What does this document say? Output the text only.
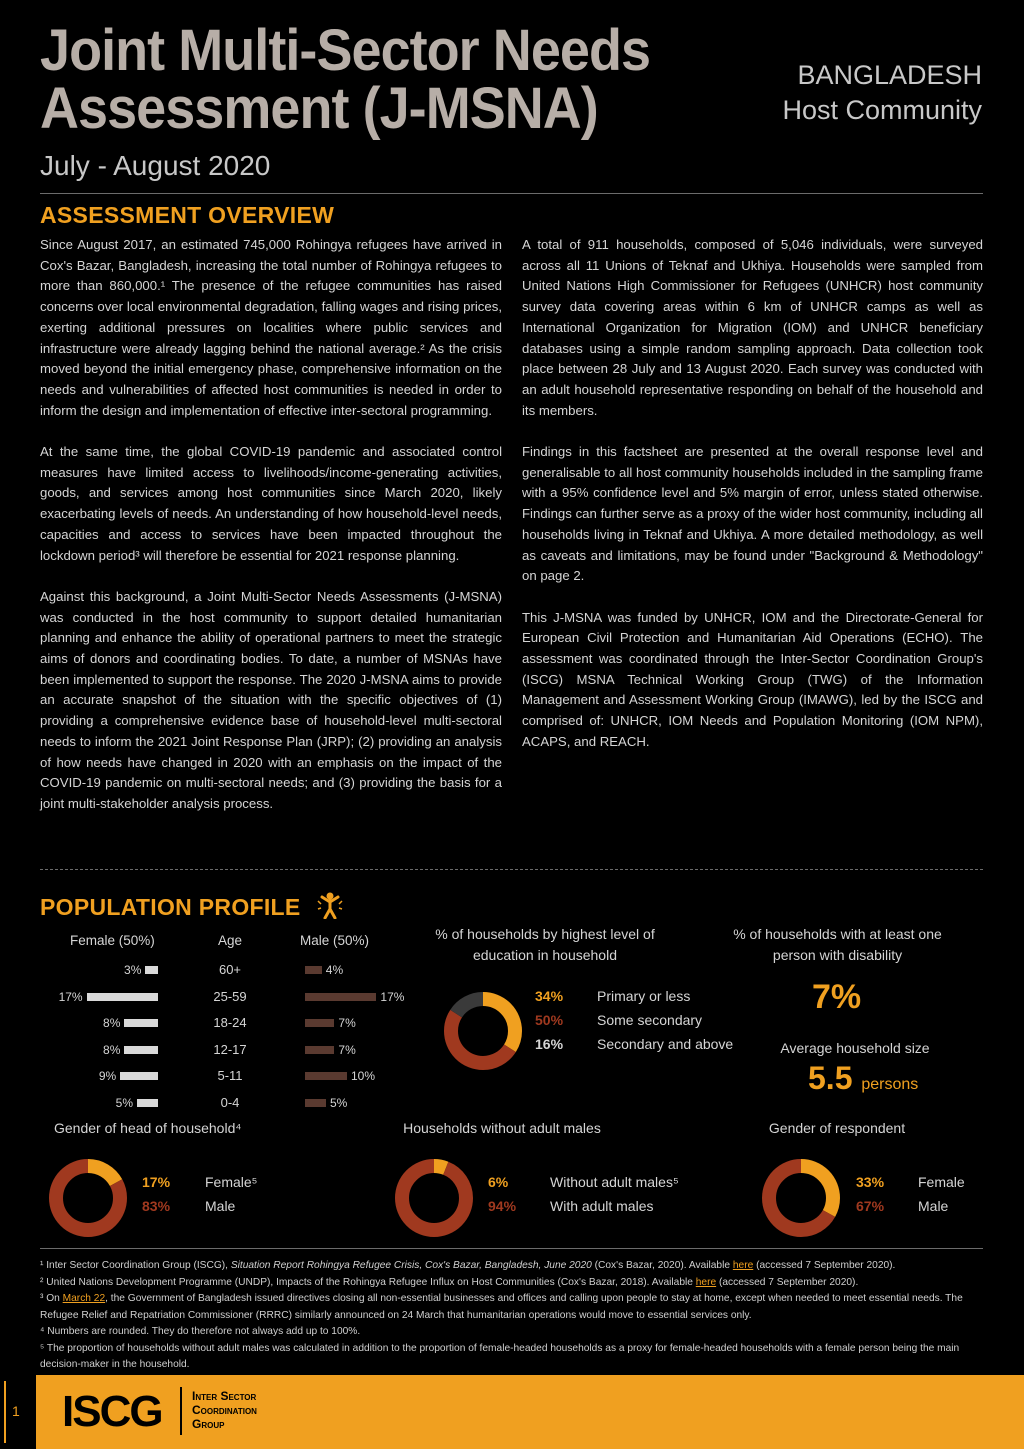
Joint Multi-Sector Needs
Assessment (J-MSNA)
July - August 2020
BANGLADESH
Host Community
ASSESSMENT OVERVIEW

Since August 2017, an estimated 745,000 Rohingya refugees have arrived in Cox's Bazar, Bangladesh, increasing the total number of Rohingya refugees to more than 860,000.¹ The presence of the refugee communities has raised concerns over local environmental degradation, falling wages and rising prices, exerting additional pressures on localities where public services and infrastructure were already lagging behind the national average.² As the crisis moved beyond the initial emergency phase, comprehensive information on the needs and vulnerabilities of affected host communities is needed in order to inform the design and implementation of effective inter-sectoral programming.

At the same time, the global COVID-19 pandemic and associated control measures have limited access to livelihoods/income-generating activities, goods, and services among host communities since March 2020, likely exacerbating levels of needs. An understanding of how household-level needs, capacities and access to services have been impacted throughout the lockdown period³ will therefore be essential for 2021 response planning.

Against this background, a Joint Multi-Sector Needs Assessments (J-MSNA) was conducted in the host community to support detailed humanitarian planning and enhance the ability of operational partners to meet the strategic aims of donors and coordinating bodies. To date, a number of MSNAs have been implemented to support the response. The 2020 J-MSNA aims to provide an accurate snapshot of the situation with the specific objectives of (1) providing a comprehensive evidence base of household-level multi-sectoral needs to inform the 2021 Joint Response Plan (JRP); (2) providing an analysis of how needs have changed in 2020 with an emphasis on the impact of the COVID-19 pandemic on multi-sectoral needs; and (3) providing the basis for a joint multi-stakeholder analysis process.

A total of 911 households, composed of 5,046 individuals, were surveyed across all 11 Unions of Teknaf and Ukhiya. Households were sampled from United Nations High Commissioner for Refugees (UNHCR) host community survey data covering areas within 6 km of UNHCR camps as well as International Organization for Migration (IOM) and UNHCR beneficiary databases using a simple random sampling approach. Data collection took place between 28 July and 13 August 2020. Each survey was conducted with an adult household representative responding on behalf of the household and its members.

Findings in this factsheet are presented at the overall response level and generalisable to all host community households included in the sampling frame with a 95% confidence level and 5% margin of error, unless stated otherwise. Findings can further serve as a proxy of the wider host community, including all households living in Teknaf and Ukhiya. A more detailed methodology, as well as caveats and limitations, may be found under "Background & Methodology" on page 2.

This J-MSNA was funded by UNHCR, IOM and the Directorate-General for European Civil Protection and Humanitarian Aid Operations (ECHO). The assessment was coordinated through the Inter-Sector Coordination Group's (ISCG) MSNA Technical Working Group (TWG) of the Information Management and Assessment Working Group (IMAWG), led by the ISCG and comprised of: UNHCR, IOM Needs and Population Monitoring (IOM NPM), ACAPS, and REACH.

POPULATION PROFILE
Female (50%)	Age	Male (50%)
60+
3%	4%
25-59
17%	17%
18-24
8%	7%
12-17
8%	7%
5-11
9%	10%
0-4
5%	5%
% of households by highest level of education in household
34% Primary or less
50% Some secondary
16% Secondary and above
% of households with at least one person with disability
7%
Average household size
5.5 persons
Gender of head of household⁴
17% Female⁵
83% Male
Households without adult males
6%	Without adult males⁵
94% With adult males
Gender of respondent
33% Female
67% Male
¹ Inter Sector Coordination Group (ISCG), Situation Report Rohingya Refugee Crisis, Cox's Bazar, Bangladesh, June 2020 (Cox's Bazar, 2020). Available here (accessed 7 September 2020).
² United Nations Development Programme (UNDP), Impacts of the Rohingya Refugee Influx on Host Communities (Cox's Bazar, 2018). Available here (accessed 7 September 2020).
³ On March 22, the Government of Bangladesh issued directives closing all non-essential businesses and offices and calling upon people to stay at home, except when needed to meet essential needs. The Refugee Relief and Repatriation Commissioner (RRRC) similarly announced on 24 March that humanitarian operations would move to essential services only.
⁴ Numbers are rounded. They do therefore not always add up to 100%.
⁵ The proportion of households without adult males was calculated in addition to the proportion of female-headed households as a proxy for female-headed households with a female person being the main decision-maker in the household.
1 ISCG	Inter Sector
Coordination
Group
